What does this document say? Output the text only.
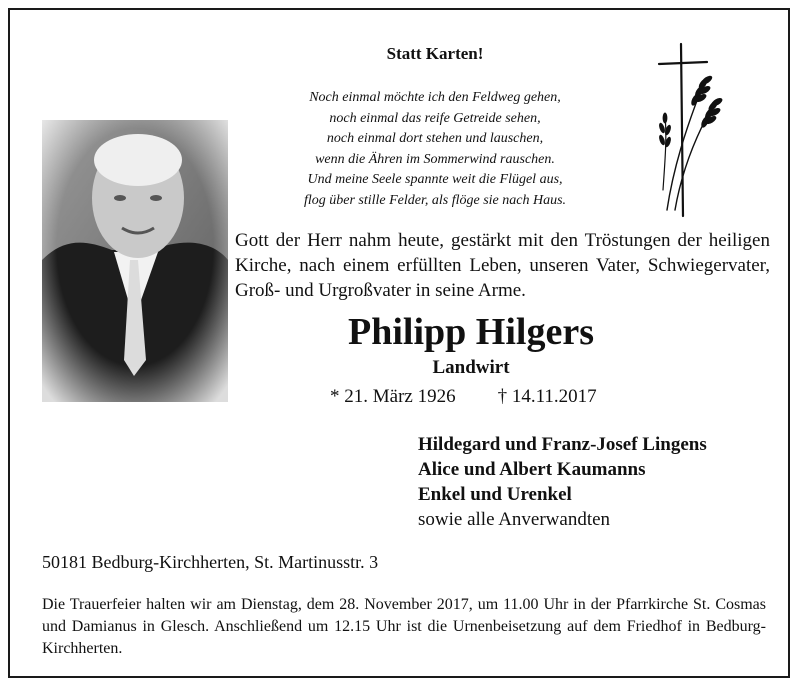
Statt Karten!
Noch einmal möchte ich den Feldweg gehen,
noch einmal das reife Getreide sehen,
noch einmal dort stehen und lauschen,
wenn die Ähren im Sommerwind rauschen.
Und meine Seele spannte weit die Flügel aus,
flog über stille Felder, als flöge sie nach Haus.
Gott der Herr nahm heute, gestärkt mit den Tröstungen der heiligen Kirche, nach einem erfüllten Leben, unseren Vater, Schwiegervater, Groß- und Urgroßvater in seine Arme.
Philipp Hilgers
Landwirt
* 21. März 1926 † 14.11.2017
Hildegard und Franz-Josef Lingens
Alice und Albert Kaumanns
Enkel und Urenkel
sowie alle Anverwandten
50181 Bedburg-Kirchherten, St. Martinusstr. 3
Die Trauerfeier halten wir am Dienstag, dem 28. November 2017, um 11.00 Uhr in der Pfarrkirche St. Cosmas und Damianus in Glesch. Anschließend um 12.15 Uhr ist die Urnenbeisetzung auf dem Friedhof in Bedburg-Kirchherten.
